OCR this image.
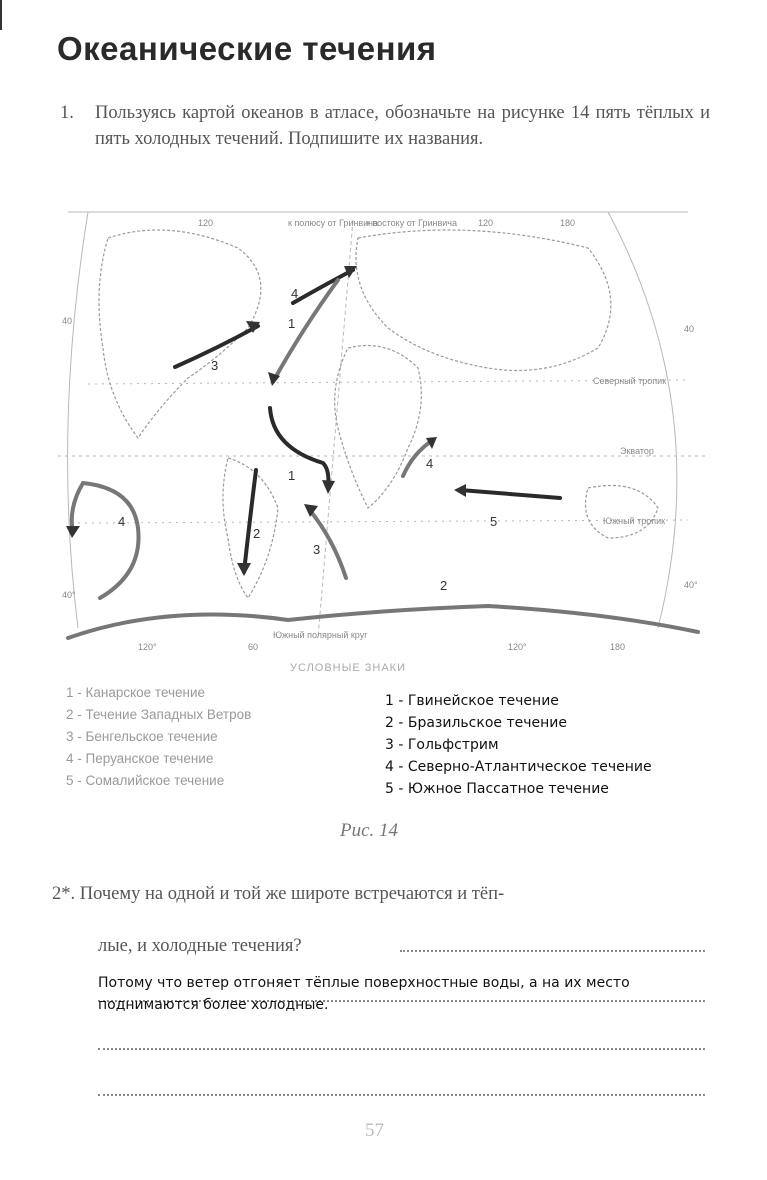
Океанические течения
1. Пользуясь картой океанов в атласе, обозначьте на рисунке 14 пять тёплых и пять холодных течений. Подпишите их названия.
1
1
2
2
3
3
4
4
4	5
120	к полюсу от Гринвича
к востоку от Гринвича 120	180
40
40
40°
40°
Северный тропик
Экватор
Южный тропик
120°	60
Южный полярный круг
120°	180
УСЛОВНЫЕ ЗНАКИ
1 - Канарское течение
2 - Течение Западных Ветров
3 - Бенгельское течение
4 - Перуанское течение
5 - Сомалийское течение
1 - Гвинейское течение
2 - Бразильское течение
3 - Гольфстрим
4 - Северно-Атлантическое течение
5 - Южное Пассатное течение
Рис. 14
2*. Почему на одной и той же широте встречаются и тёп-
лые, и холодные течения?
Потому что ветер отгоняет тёплые поверхностные воды, а на их место поднимаются более холодные.
57
